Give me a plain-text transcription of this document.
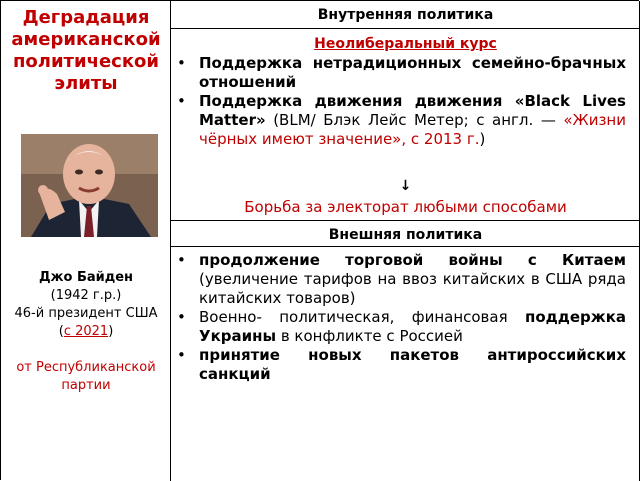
Деградация американской политической элиты
Джо Байден
(1942 г.р.)
46-й президент США
(с 2021)
от Республиканской партии
Внутренняя политика
Неолиберальный курс
• Поддержка нетрадиционных семейно-брачных отношений
• Поддержка движения движения «Black Lives Matter» (BLM/ Блэк Лейс Метер; с англ. — «Жизни чёрных имеют значение», с 2013 г.)
↓
Борьба за электорат любыми способами
Внешняя политика
• продолжение торговой войны с Китаем (увеличение тарифов на ввоз китайских в США ряда китайских товаров)
• Военно- политическая, финансовая поддержка Украины в конфликте с Россией
• принятие новых пакетов антироссийских санкций
